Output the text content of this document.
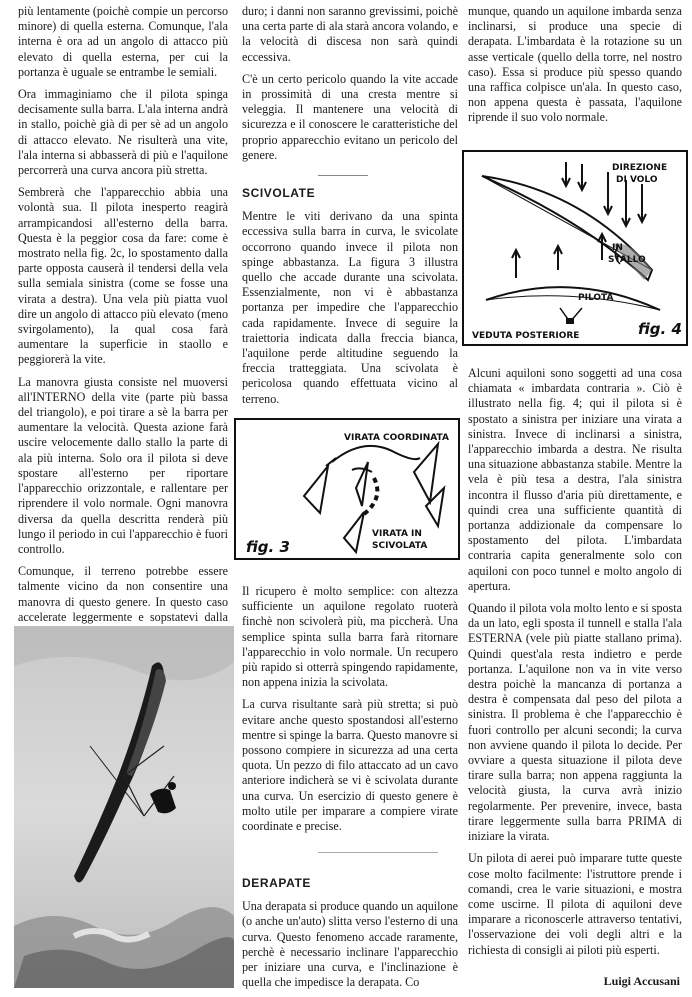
più lentamente (poichè compie un percorso minore) di quella esterna. Comunque, l'ala interna è ora ad un angolo di attacco più elevato di quella esterna, per cui la portanza è uguale se entrambe le semiali.

Ora immaginiamo che il pilota spinga decisamente sulla barra. L'ala interna andrà in stallo, poichè già di per sè ad un angolo di attacco elevato. Ne risulterà una vite, l'ala interna si abbasserà di più e l'aquilone percorrerà una curva ancora più stretta.

Sembrerà che l'apparecchio abbia una volontà sua. Il pilota inesperto reagirà arrampicandosi all'esterno della barra. Questa è la peggior cosa da fare: come è mostrato nella fig. 2c, lo spostamento dalla parte opposta causerà il tendersi della vela sulla semiala sinistra (come se fosse una virata a destra). Una vela più piatta vuol dire un angolo di attacco più elevato (meno svirgolamento), la qual cosa farà aumentare la superficie in staollo e peggiorerà la vite.

La manovra giusta consiste nel muoversi all'INTERNO della vite (parte più bassa del triangolo), e poi tirare a sè la barra per aumentare la velocità. Questa azione farà uscire velocemente dallo stallo la parte di ala più interna. Solo ora il pilota si deve spostare all'esterno per riportare l'apparecchio orizzontale, e rallentare per riprendere il volo normale. Ogni manovra diversa da quella descritta renderà più lungo il periodo in cui l'apparecchio è fuori controllo.

Comunque, il terreno potrebbe essere talmente vicino da non consentire una manovra di questo genere. In questo caso accelerate leggermente e sopstatevi dalla

duro; i danni non saranno grevissimi, poichè una certa parte di ala starà ancora volando, e la velocità di discesa non sarà quindi eccessiva.

C'è un certo pericolo quando la vite accade in prossimità di una cresta mentre si veleggia. Il mantenere una velocità di sicurezza e il conoscere le caratteristiche del proprio apparecchio evitano un pericolo del genere.

SCIVOLATE

Mentre le viti derivano da una spinta eccessiva sulla barra in curva, le svicolate occorrono quando invece il pilota non spinge abbastanza. La figura 3 illustra quello che accade durante una scivolata. Essenzialmente, non vi è abbastanza portanza per impedire che l'apparecchio cada rapidamente. Invece di seguire la traiettoria indicata dalla freccia bianca, l'aquilone perde altitudine seguendo la freccia tratteggiata. Una scivolata è pericolosa quando effettuata vicino al terreno.

VIRATA COORDINATA
VIRATA IN
SCIVOLATA
fig. 3

Il ricupero è molto semplice: con altezza sufficiente un aquilone regolato ruoterà finchè non scivolerà più, ma piccherà. Una semplice spinta sulla barra farà ritornare l'apparecchio in volo normale. Un recupero più rapido si otterrà spingendo rapidamente, non appena inizia la scivolata.

La curva risultante sarà più stretta; si può evitare anche questo spostandosi all'esterno mentre si spinge la barra. Questo manovre si possono compiere in sicurezza ad una certa quota. Un pezzo di filo attaccato ad un cavo anteriore indicherà se vi è scivolata durante una curva. Un esercizio di questo genere è molto utile per imparare a compiere virate coordinate e precise.

DERAPATE

Una derapata si produce quando un aquilone (o anche un'auto) slitta verso l'esterno di una curva. Questo fenomeno accade raramente, perchè è necessario inclinare l'apparecchio per iniziare una curva, e l'inclinazione è quella che impedisce la derapata. Co

munque, quando un aquilone imbarda senza inclinarsi, si produce una specie di derapata. L'imbardata è la rotazione su un asse verticale (quello della torre, nel nostro caso). Essa si produce più spesso quando una raffica colpisce un'ala. In questo caso, non appena questa è passata, l'aquilone riprende il suo volo normale.

DIREZIONE
DI VOLO
IN
STALLO
PILOTA
VEDUTA POSTERIORE	fig. 4

Alcuni aquiloni sono soggetti ad una cosa chiamata « imbardata contraria ». Ciò è illustrato nella fig. 4; qui il pilota si è spostato a sinistra per iniziare una virata a sinistra. Invece di inclinarsi a sinistra, l'apparecchio imbarda a destra. Ne risulta una situazione abbastanza stabile. Mentre la vela è più tesa a destra, l'ala sinistra incontra il flusso d'aria più direttamente, e quindi crea una sufficiente quantità di portanza addizionale da compensare lo spostamento del pilota. L'imbardata contraria capita generalmente solo con aquiloni con poco tunnel e molto angolo di apertura.

Quando il pilota vola molto lento e si sposta da un lato, egli sposta il tunnell e stalla l'ala ESTERNA (vele più piatte stallano prima). Quindi quest'ala resta indietro e perde portanza. L'aquilone non va in vite verso destra poichè la mancanza di portanza a destra è compensata dal peso del pilota a sinistra. Il problema è che l'apparecchio è fuori controllo per alcuni secondi; la curva non avviene quando il pilota lo decide. Per ovviare a questa situazione il pilota deve tirare sulla barra; non appena raggiunta la velocità giusta, la curva avrà inizio regolarmente. Per prevenire, invece, basta tirare leggermente sulla barra PRIMA di iniziare la virata.

Un pilota di aerei può imparare tutte queste cose molto facilmente: l'istruttore prende i comandi, crea le varie situazioni, e mostra come uscirne. Il pilota di aquiloni deve imparare a riconoscerle attraverso tentativi, l'osservazione dei voli degli altri e la richiesta di consigli ai piloti più esperti.

Luigi Accusani
